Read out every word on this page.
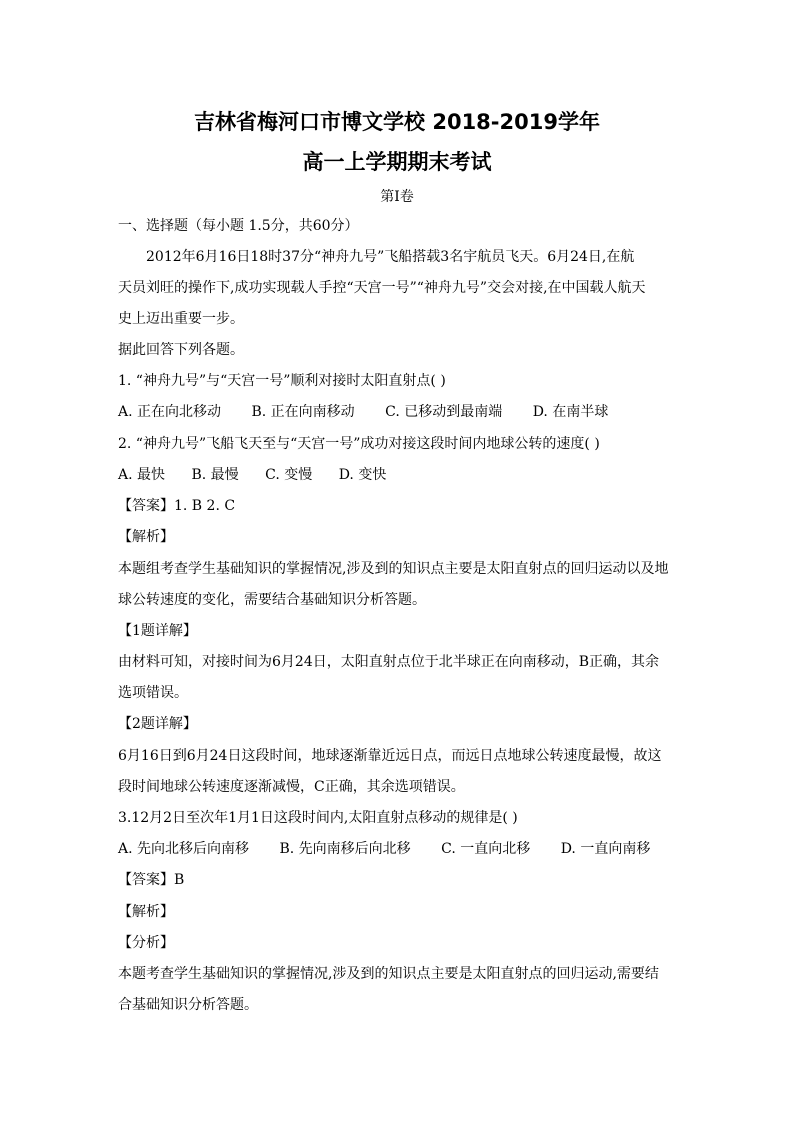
吉林省梅河口市博文学校 2018-2019学年
高一上学期期末考试
第Ⅰ卷
一、选择题（每小题 1.5分，共60分）
2012年6月16日18时37分“神舟九号”飞船搭载3名宇航员飞天。6月24日,在航
天员刘旺的操作下,成功实现载人手控“天宫一号”“神舟九号”交会对接,在中国载人航天
史上迈出重要一步。
据此回答下列各题。
1. “神舟九号”与“天宫一号”顺利对接时太阳直射点( )
A. 正在向北移动 B. 正在向南移动 C. 已移动到最南端 D. 在南半球
2. “神舟九号”飞船飞天至与“天宫一号”成功对接这段时间内地球公转的速度( )
A. 最快 B. 最慢 C. 变慢 D. 变快
【答案】1. B 2. C
【解析】
本题组考查学生基础知识的掌握情况,涉及到的知识点主要是太阳直射点的回归运动以及地
球公转速度的变化，需要结合基础知识分析答题。
【1题详解】
由材料可知，对接时间为6月24日，太阳直射点位于北半球正在向南移动，B正确，其余
选项错误。
【2题详解】
6月16日到6月24日这段时间，地球逐渐靠近远日点，而远日点地球公转速度最慢，故这
段时间地球公转速度逐渐减慢，C正确，其余选项错误。
3.12月2日至次年1月1日这段时间内,太阳直射点移动的规律是( )
A. 先向北移后向南移 B. 先向南移后向北移 C. 一直向北移 D. 一直向南移
【答案】B
【解析】
【分析】
本题考查学生基础知识的掌握情况,涉及到的知识点主要是太阳直射点的回归运动,需要结
合基础知识分析答题。
